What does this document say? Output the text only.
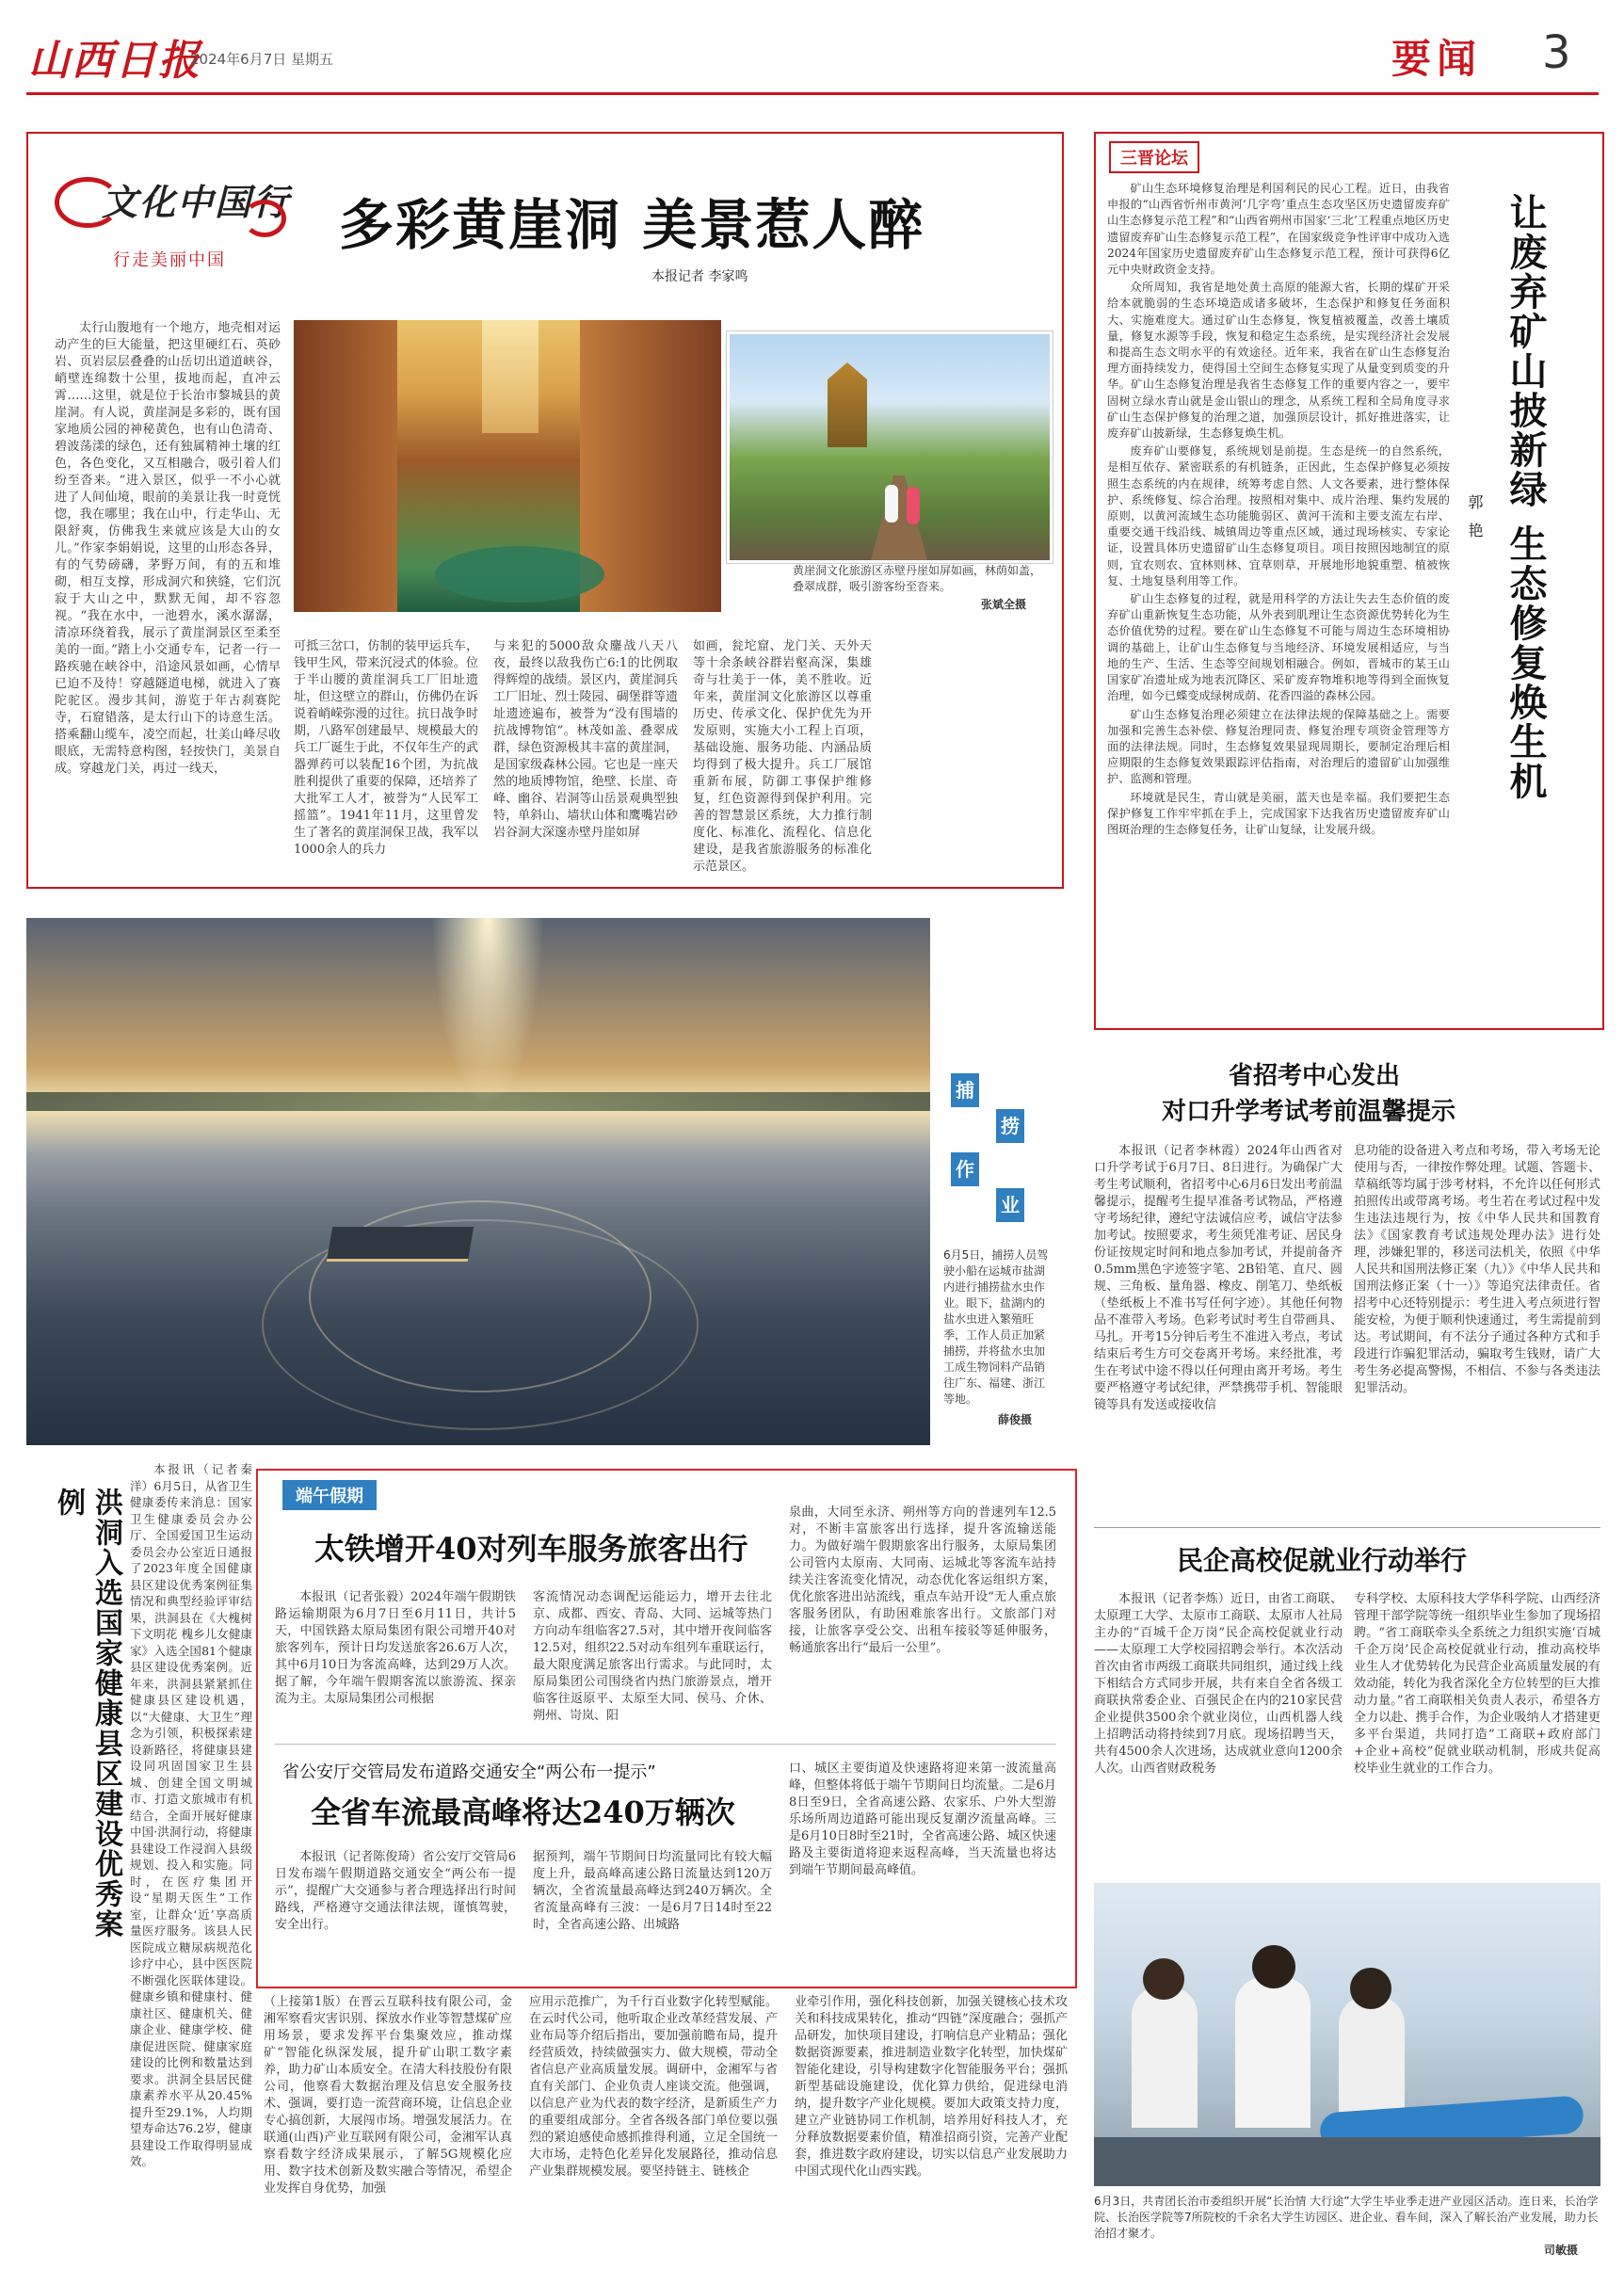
山西日报
2024年6月7日 星期五	要闻 3
文化中国行
行走美丽中国
多彩黄崖洞 美景惹人醉
本报记者 李家鸣
太行山腹地有一个地方，地壳相对运动产生的巨大能量，把这里硬红石、英砂岩、页岩层层叠叠的山岳切出道道峡谷，峭壁连绵数十公里，拔地而起，直冲云霄……这里，就是位于长治市黎城县的黄崖洞。有人说，黄崖洞是多彩的，既有国家地质公园的神秘黄色，也有山色清奇、碧波荡漾的绿色，还有独属精神土壤的红色，各色变化，又互相融合，吸引着人们纷至沓来。“进入景区，似乎一不小心就进了人间仙境，眼前的美景让我一时竟恍惚，我在哪里；我在山中，行走华山、无限舒爽，仿佛我生来就应该是大山的女儿。”作家李娟娟说，这里的山形态各异，有的气势磅礴，茅野万间，有的五和堆砌，相互支撑，形成洞穴和狭缝，它们沉寂于大山之中，默默无闻，却不容忽视。“我在水中，一池碧水，溪水潺潺，清凉环绕着我，展示了黄崖洞景区至柔至美的一面。”踏上小交通专车，记者一行一路疾驰在峡谷中，沿途风景如画，心情早已迫不及待！穿越隧道电梯，就进入了赛陀驼区。漫步其间，游览于年古刹赛陀寺，石窟错落，是太行山下的诗意生活。搭乘翻山缆车，凌空而起，壮美山峰尽收眼底，无需特意构图，轻按快门，美景自成。穿越龙门关，再过一线天，
黄崖洞文化旅游区赤壁丹崖如屏如画，林荫如盖，叠翠成群，吸引游客纷至沓来。
张斌全摄
可抵三岔口，仿制的装甲运兵车，钱甲生风，带来沉浸式的体验。位于半山腰的黄崖洞兵工厂旧址遗址，但这壁立的群山，仿佛仍在诉说着峭嵘弥漫的过往。抗日战争时期，八路军创建最早、规模最大的兵工厂诞生于此，不仅年生产的武器弹药可以装配16个团，为抗战胜利提供了重要的保障，还培养了大批军工人才，被誉为“人民军工摇篮”。1941年11月，这里曾发生了著名的黄崖洞保卫战，我军以1000余人的兵力
与来犯的5000敌众鏖战八天八夜，最终以敌我伤亡6:1的比例取得辉煌的战绩。景区内，黄崖洞兵工厂旧址、烈士陵园、碉堡群等遗址遗迹遍布，被誉为“没有围墙的抗战博物馆”。林茂如盖、叠翠成群，绿色资源极其丰富的黄崖洞，是国家级森林公园。它也是一座天然的地质博物馆，绝壁、长崖、奇峰、幽谷、岩洞等山岳景观典型独特，单斜山、墙状山体和鹰嘴岩砂岩谷洞大深邃赤壁丹崖如屏
如画，瓮坨窟、龙门关、天外天等十余条峡谷群岩壑高深，集雄奇与壮美于一体，美不胜收。近年来，黄崖洞文化旅游区以尊重历史、传承文化、保护优先为开发原则，实施大小工程上百项，基础设施、服务功能、内涵品质均得到了极大提升。兵工厂展馆重新布展，防御工事保护维修复，红色资源得到保护利用。完善的智慧景区系统，大力推行制度化、标准化、流程化、信息化建设，是我省旅游服务的标准化示范景区。
三晋论坛
让废弃矿山披新绿 生态修复焕生机
郭艳

矿山生态环境修复治理是利国利民的民心工程。近日，由我省申报的“山西省忻州市黄河‘几字弯’重点生态攻坚区历史遗留废弃矿山生态修复示范工程”和“山西省朔州市国家‘三北’工程重点地区历史遗留废弃矿山生态修复示范工程”，在国家级竞争性评审中成功入选2024年国家历史遗留废弃矿山生态修复示范工程，预计可获得6亿元中央财政资金支持。

众所周知，我省是地处黄土高原的能源大省，长期的煤矿开采给本就脆弱的生态环境造成诸多破坏，生态保护和修复任务面积大、实施难度大。通过矿山生态修复，恢复植被覆盖，改善土壤质量，修复水源等手段，恢复和稳定生态系统，是实现经济社会发展和提高生态文明水平的有效途径。近年来，我省在矿山生态修复治理方面持续发力，使得国土空间生态修复实现了从量变到质变的升华。矿山生态修复治理是我省生态修复工作的重要内容之一，要牢固树立绿水青山就是金山银山的理念，从系统工程和全局角度寻求矿山生态保护修复的治理之道，加强顶层设计，抓好推进落实，让废弃矿山披新绿，生态修复焕生机。

废弃矿山要修复，系统规划是前提。生态是统一的自然系统，是相互依存、紧密联系的有机链条，正因此，生态保护修复必须按照生态系统的内在规律，统筹考虑自然、人文各要素，进行整体保护、系统修复、综合治理。按照相对集中、成片治理、集约发展的原则，以黄河流域生态功能脆弱区、黄河干流和主要支流左右岸、重要交通干线沿线、城镇周边等重点区域，通过现场核实、专家论证，设置具体历史遗留矿山生态修复项目。项目按照因地制宜的原则，宜农则农、宜林则林、宜草则草，开展地形地貌重塑、植被恢复、土地复垦利用等工作。

矿山生态修复的过程，就是用科学的方法让失去生态价值的废弃矿山重新恢复生态功能，从外表到肌理让生态资源优势转化为生态价值优势的过程。要在矿山生态修复不可能与周边生态环境相协调的基础上，让矿山生态修复与当地经济、环境发展相适应，与当地的生产、生活、生态等空间规划相融合。例如，晋城市的某王山国家矿冶遗址成为地表沉降区、采矿废弃物堆积地等得到全面恢复治理，如今已蝶变成绿树成荫、花香四溢的森林公园。

矿山生态修复治理必须建立在法律法规的保障基础之上。需要加强和完善生态补偿、修复治理同责、修复治理专项资金管理等方面的法律法规。同时，生态修复效果显现周期长，要制定治理后相应期限的生态修复效果跟踪评估指南，对治理后的遗留矿山加强维护、监测和管理。

环境就是民生，青山就是美丽，蓝天也是幸福。我们要把生态保护修复工作牢牢抓在手上，完成国家下达我省历史遗留废弃矿山图斑治理的生态修复任务，让矿山复绿，让发展升级。

捕
捞
作
业
6月5日，捕捞人员驾驶小船在运城市盐湖内进行捕捞盐水虫作业。眼下，盐湖内的盐水虫进入繁殖旺季，工作人员正加紧捕捞，并将盐水虫加工成生物饲料产品销往广东、福建、浙江等地。
薛俊摄
省招考中心发出
对口升学考试考前温馨提示
本报讯（记者李林霞）2024年山西省对口升学考试于6月7日、8日进行。为确保广大考生考试顺利，省招考中心6月6日发出考前温馨提示，提醒考生提早准备考试物品，严格遵守考场纪律，遵纪守法诚信应考，诚信守法参加考试。按照要求，考生须凭准考证、居民身份证按规定时间和地点参加考试，并提前备齐0.5mm黑色字迹签字笔、2B铅笔、直尺、圆规、三角板、量角器、橡皮、削笔刀、垫纸板（垫纸板上不准书写任何字迹）。其他任何物品不准带入考场。色彩考试时考生自带画具、马扎。开考15分钟后考生不准进入考点，考试结束后考生方可交卷离开考场。来经批准，考生在考试中途不得以任何理由离开考场。考生要严格遵守考试纪律，严禁携带手机、智能眼镜等具有发送或接收信
息功能的设备进入考点和考场，带入考场无论使用与否，一律按作弊处理。试题、答题卡、草稿纸等均属于涉考材料，不允许以任何形式拍照传出或带离考场。考生若在考试过程中发生违法违规行为，按《中华人民共和国教育法》《国家教育考试违规处理办法》进行处理，涉嫌犯罪的，移送司法机关，依照《中华人民共和国刑法修正案（九）》《中华人民共和国刑法修正案（十一）》等追究法律责任。省招考中心还特别提示：考生进入考点须进行智能安检，为便于顺利快速通过，考生需提前到达。考试期间，有不法分子通过各种方式和手段进行诈骗犯罪活动，骗取考生钱财，请广大考生务必提高警惕，不相信、不参与各类违法犯罪活动。
民企高校促就业行动举行
本报讯（记者李炼）近日，由省工商联、太原理工大学、太原市工商联、太原市人社局主办的“百城千企万岗”民企高校促就业行动——太原理工大学校园招聘会举行。本次活动首次由省市两级工商联共同组织，通过线上线下相结合方式同步开展，共有来自全省各级工商联执常委企业、百强民企在内的210家民营企业提供3500余个就业岗位，山西机器人线上招聘活动将持续到7月底。现场招聘当天，共有4500余人次进场，达成就业意向1200余人次。山西省财政税务
专科学校、太原科技大学华科学院、山西经济管理干部学院等统一组织毕业生参加了现场招聘。“省工商联牵头全系统之力组织实施‘百城千企万岗’民企高校促就业行动，推动高校毕业生人才优势转化为民营企业高质量发展的有效动能，转化为我省深化全方位转型的巨大推动力量。”省工商联相关负责人表示，希望各方全力以赴、携手合作，为企业吸纳人才搭建更多平台渠道，共同打造“工商联+政府部门+企业+高校”促就业联动机制，形成共促高校毕业生就业的工作合力。
6月3日，共青团长治市委组织开展“长治情 大行途”大学生毕业季走进产业园区活动。连日来，长治学院、长治医学院等7所院校的千余名大学生访园区、进企业、看车间，深入了解长治产业发展，助力长治招才聚才。
司敏摄
洪洞入选国家健康县区建设优秀案例
本报讯（记者秦洋）6月5日，从省卫生健康委传来消息：国家卫生健康委员会办公厅、全国爱国卫生运动委员会办公室近日通报了2023年度全国健康县区建设优秀案例征集情况和典型经验评审结果，洪洞县在《大槐树下文明花 槐乡儿女健康家》入选全国81个健康县区建设优秀案例。近年来，洪洞县紧紧抓住健康县区建设机遇，以“大健康、大卫生”理念为引领，积极探索建设新路径，将健康县建设同巩固国家卫生县城、创建全国文明城市、打造文旅城市有机结合，全面开展好健康中国·洪洞行动，将健康县建设工作浸润入县级规划、投入和实施。同时，在医疗集团开设“星期天医生”工作室，让群众‘近’享高质量医疗服务。该县人民医院成立糖尿病规范化诊疗中心，县中医医院不断强化医联体建设。健康乡镇和健康村、健康社区、健康机关、健康企业、健康学校、健康促进医院、健康家庭建设的比例和数量达到要求。洪洞全县居民健康素养水平从20.45%提升至29.1%，人均期望寿命达76.2岁，健康县建设工作取得明显成效。
端午假期
太铁增开40对列车服务旅客出行
本报讯（记者张毅）2024年端午假期铁路运输期限为6月7日至6月11日，共计5天，中国铁路太原局集团有限公司增开40对旅客列车，预计日均发送旅客26.6万人次，其中6月10日为客流高峰，达到29万人次。据了解，今年端午假期客流以旅游流、探亲流为主。太原局集团公司根据
客流情况动态调配运能运力，增开去往北京、成都、西安、青岛、大同、运城等热门方向动车组临客27.5对，其中增开夜间临客12.5对，组织22.5对动车组列车重联运行，最大限度满足旅客出行需求。与此同时，太原局集团公司围绕省内热门旅游景点，增开临客往返原平、太原至大同、侯马、介休、朔州、岢岚、阳
泉曲，大同至永济、朔州等方向的普速列车12.5对，不断丰富旅客出行选择，提升客流输送能力。为做好端午假期旅客出行服务，太原局集团公司管内太原南、大同南、运城北等客流车站持续关注客流变化情况，动态优化客运组织方案，优化旅客进出站流线，重点车站开设“无人重点旅客服务团队，有助困难旅客出行。文旅部门对接，让旅客享受公交、出租车接驳等延伸服务，畅通旅客出行“最后一公里”。
省公安厅交管局发布道路交通安全“两公布一提示”
全省车流最高峰将达240万辆次
本报讯（记者陈俊琦）省公安厅交管局6日发布端午假期道路交通安全“两公布一提示”，提醒广大交通参与者合理选择出行时间路线，严格遵守交通法律法规，谨慎驾驶，安全出行。
据预判，端午节期间日均流量同比有较大幅度上升，最高峰高速公路日流量达到120万辆次，全省流量最高峰达到240万辆次。全省流量高峰有三波：一是6月7日14时至22时，全省高速公路、出城路
口、城区主要街道及快速路将迎来第一波流量高峰，但整体将低于端午节期间日均流量。二是6月8日至9日，全省高速公路、农家乐、户外大型游乐场所周边道路可能出现反复潮汐流量高峰。三是6月10日8时至21时，全省高速公路、城区快速路及主要街道将迎来返程高峰，当天流量也将达到端午节期间最高峰值。
（上接第1版）在晋云互联科技有限公司，金湘军察看灾害识别、探放水作业等智慧煤矿应用场景，要求发挥平台集聚效应，推动煤矿“智能化纵深发展，提升矿山职工数字素养，助力矿山本质安全。在清大科技股份有限公司，他察看大数据治理及信息安全服务技术、强调，要打造一流营商环境，让信息企业专心搞创新，大展闯市场。增强发展活力。在联通(山西)产业互联网有限公司，金湘军认真察看数字经济成果展示，了解5G规模化应用、数字技术创新及数实融合等情况，希望企业发挥自身优势，加强
应用示范推广，为千行百业数字化转型赋能。在云时代公司，他听取企业改革经营发展、产业布局等介绍后指出，要加强前瞻布局，提升经营质效，持续做强实力、做大规模，带动全省信息产业高质量发展。调研中，金湘军与省直有关部门、企业负责人座谈交流。他强调，以信息产业为代表的数字经济，是新质生产力的重要组成部分。全省各级各部门单位要以强烈的紧迫感使命感抓推得利通，立足全国统一大市场，走特色化差异化发展路径，推动信息产业集群规模发展。要坚持链主、链核企
业牵引作用，强化科技创新，加强关键核心技术攻关和科技成果转化，推动“四链”深度融合；强抓产品研发，加快项目建设，打响信息产业精品；强化数据资源要素，推进制造业数字化转型，加快煤矿智能化建设，引导构建数字化智能服务平台；强抓新型基础设施建设，优化算力供给，促进绿电消纳，提升数字产业化规模。要加大政策支持力度，建立产业链协同工作机制，培养用好科技人才，充分释放数据要素价值，精准招商引资，完善产业配套，推进数字政府建设，切实以信息产业发展助力中国式现代化山西实践。
